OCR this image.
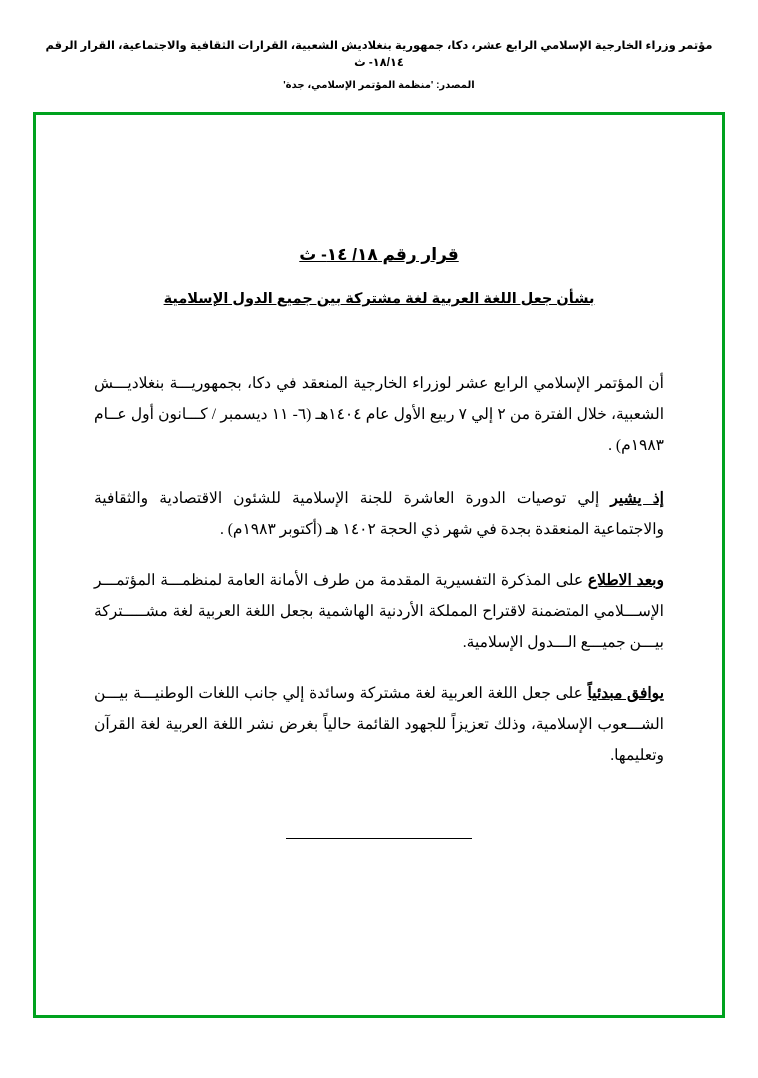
مؤتمر وزراء الخارجية الإسلامي الرابع عشر، دكا، جمهورية بنغلاديش الشعبية، القرارات الثقافية والاجتماعية، القرار الرقم ١٨/١٤- ث
المصدر: 'منظمة المؤتمر الإسلامي، جدة'
قرار رقم ١٨/ ١٤- ث
بشأن جعل اللغة العربية لغة مشتركة بين جميع الدول الإسلامية

أن المؤتمر الإسلامي الرابع عشر لوزراء الخارجية المنعقد في دكا، بجمهوريـــة بنغلاديـــش الشعبية، خلال الفترة من ٢ إلي ٧ ربيع الأول عام ١٤٠٤هـ (٦- ١١ ديسمبر / كـــانون أول عــام ١٩٨٣م) .

إذ يشير إلي توصيات الدورة العاشرة للجنة الإسلامية للشئون الاقتصادية والثقافية والاجتماعية المنعقدة بجدة في شهر ذي الحجة ١٤٠٢ هـ (أكتوبر ١٩٨٣م) .

وبعد الاطلاع على المذكرة التفسيرية المقدمة من طرف الأمانة العامة لمنظمـــة المؤتمـــر الإســـلامي المتضمنة لاقتراح المملكة الأردنية الهاشمية بجعل اللغة العربية لغة مشـــــتركة بيـــن جميـــع الـــدول الإسلامية.

يوافق مبدئياً على جعل اللغة العربية لغة مشتركة وسائدة إلي جانب اللغات الوطنيـــة بيـــن الشـــعوب الإسلامية، وذلك تعزيزاً للجهود القائمة حالياً بغرض نشر اللغة العربية لغة القرآن وتعليمها.
